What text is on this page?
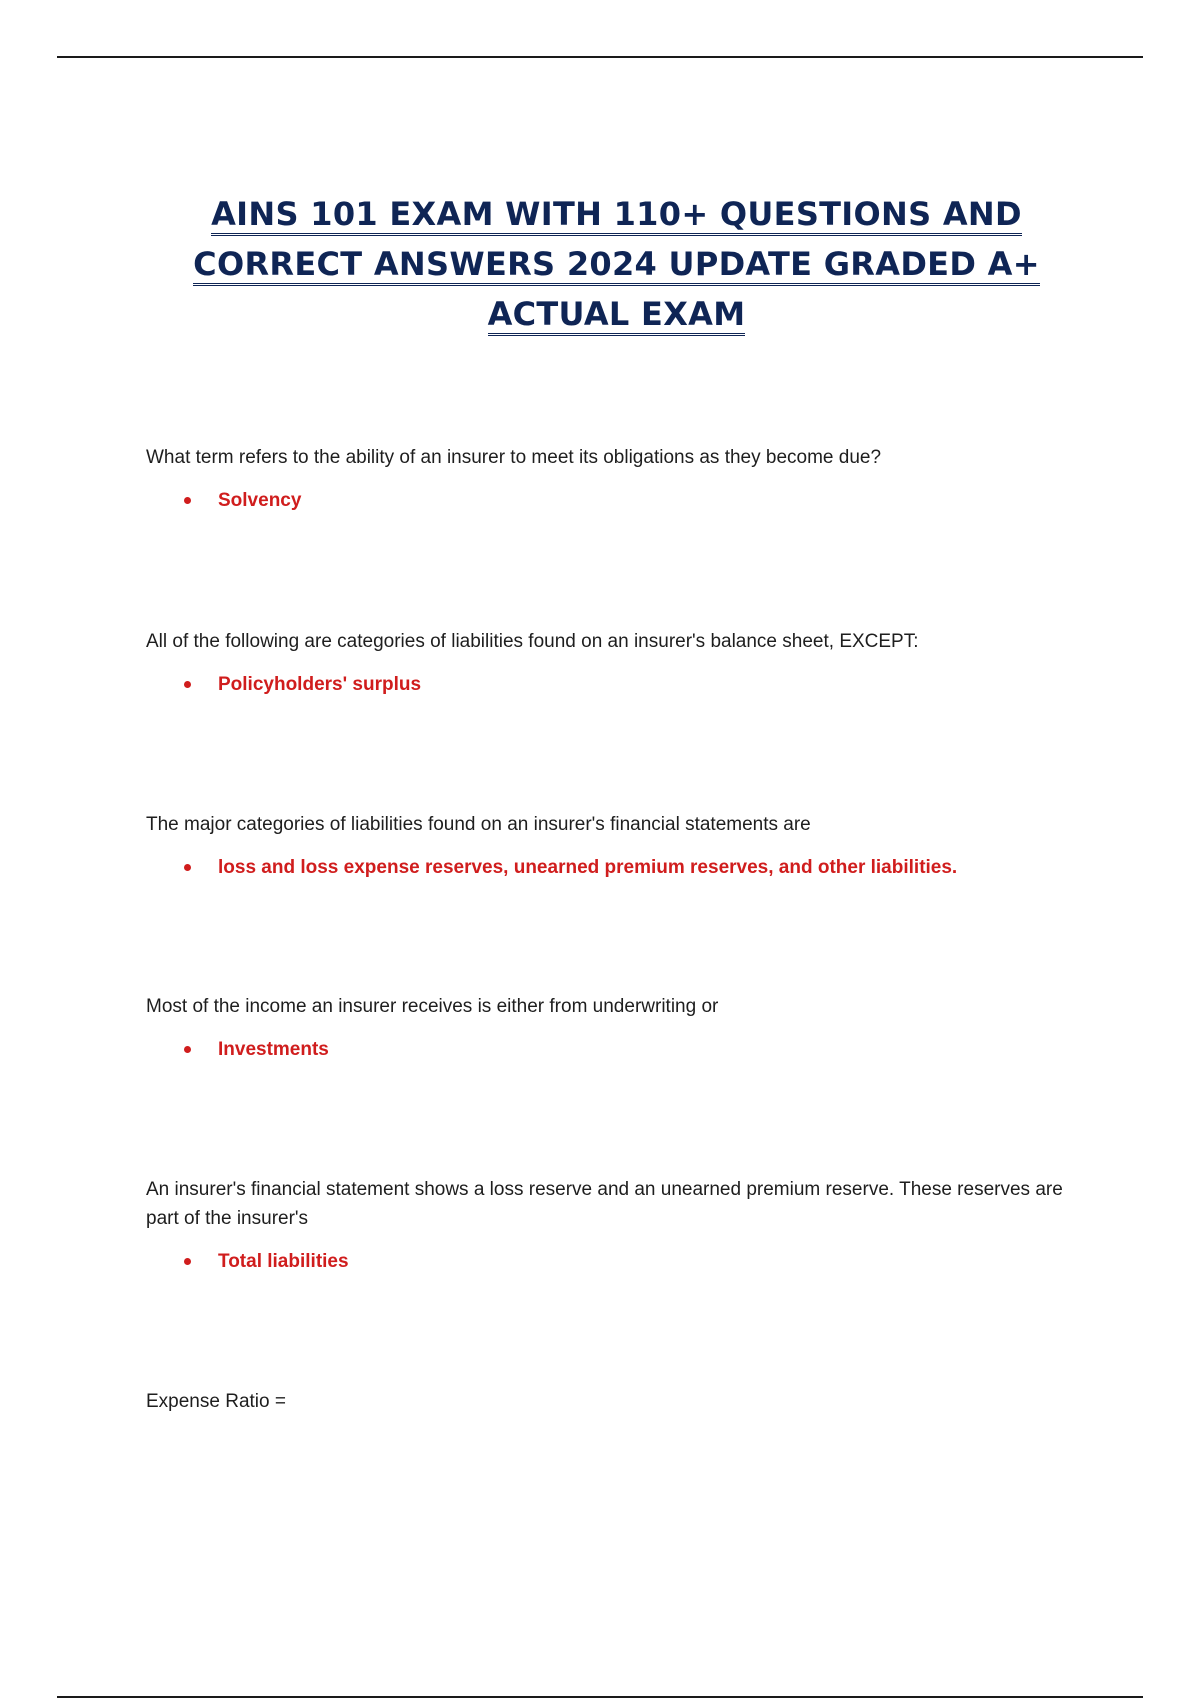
AINS 101 EXAM WITH 110+ QUESTIONS AND
CORRECT ANSWERS 2024 UPDATE GRADED A+
ACTUAL EXAM

What term refers to the ability of an insurer to meet its obligations as they become due?

Solvency

All of the following are categories of liabilities found on an insurer's balance sheet, EXCEPT:

Policyholders' surplus

The major categories of liabilities found on an insurer's financial statements are

loss and loss expense reserves, unearned premium reserves, and other liabilities.

Most of the income an insurer receives is either from underwriting or

Investments

An insurer's financial statement shows a loss reserve and an unearned premium reserve. These reserves are part of the insurer's

Total liabilities

Expense Ratio =
